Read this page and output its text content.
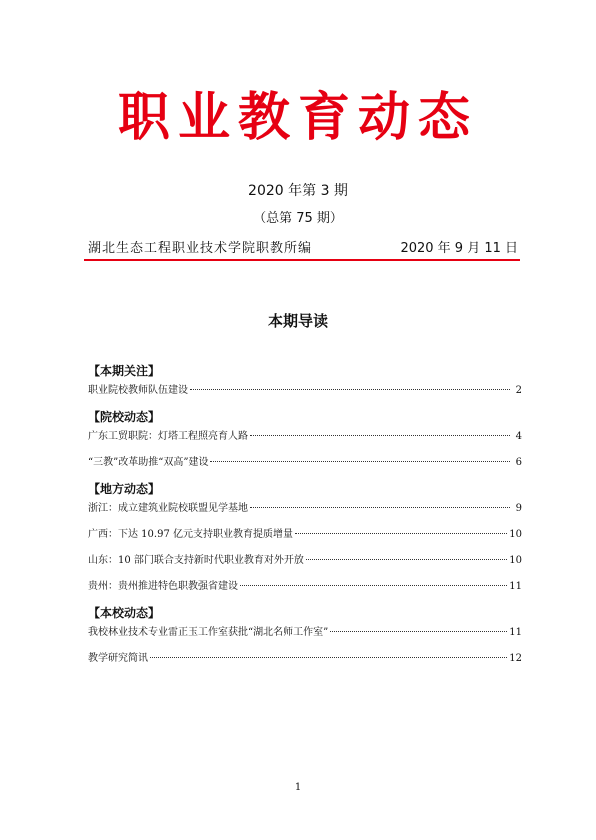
职业教育动态
2020 年第 3 期
（总第 75 期）
湖北生态工程职业技术学院职教所编	2020 年 9 月 11 日
本期导读
【本期关注】
职业院校教师队伍建设	2
【院校动态】
广东工贸职院：灯塔工程照亮育人路	4
“三教”改革助推“双高”建设	6
【地方动态】
浙江：成立建筑业院校联盟见学基地	9
广西：下达 10.97 亿元支持职业教育提质增量	10
山东：10 部门联合支持新时代职业教育对外开放	10
贵州：贵州推进特色职教强省建设	11
【本校动态】
我校林业技术专业雷正玉工作室获批“湖北名师工作室”	11
教学研究简讯	12
1
